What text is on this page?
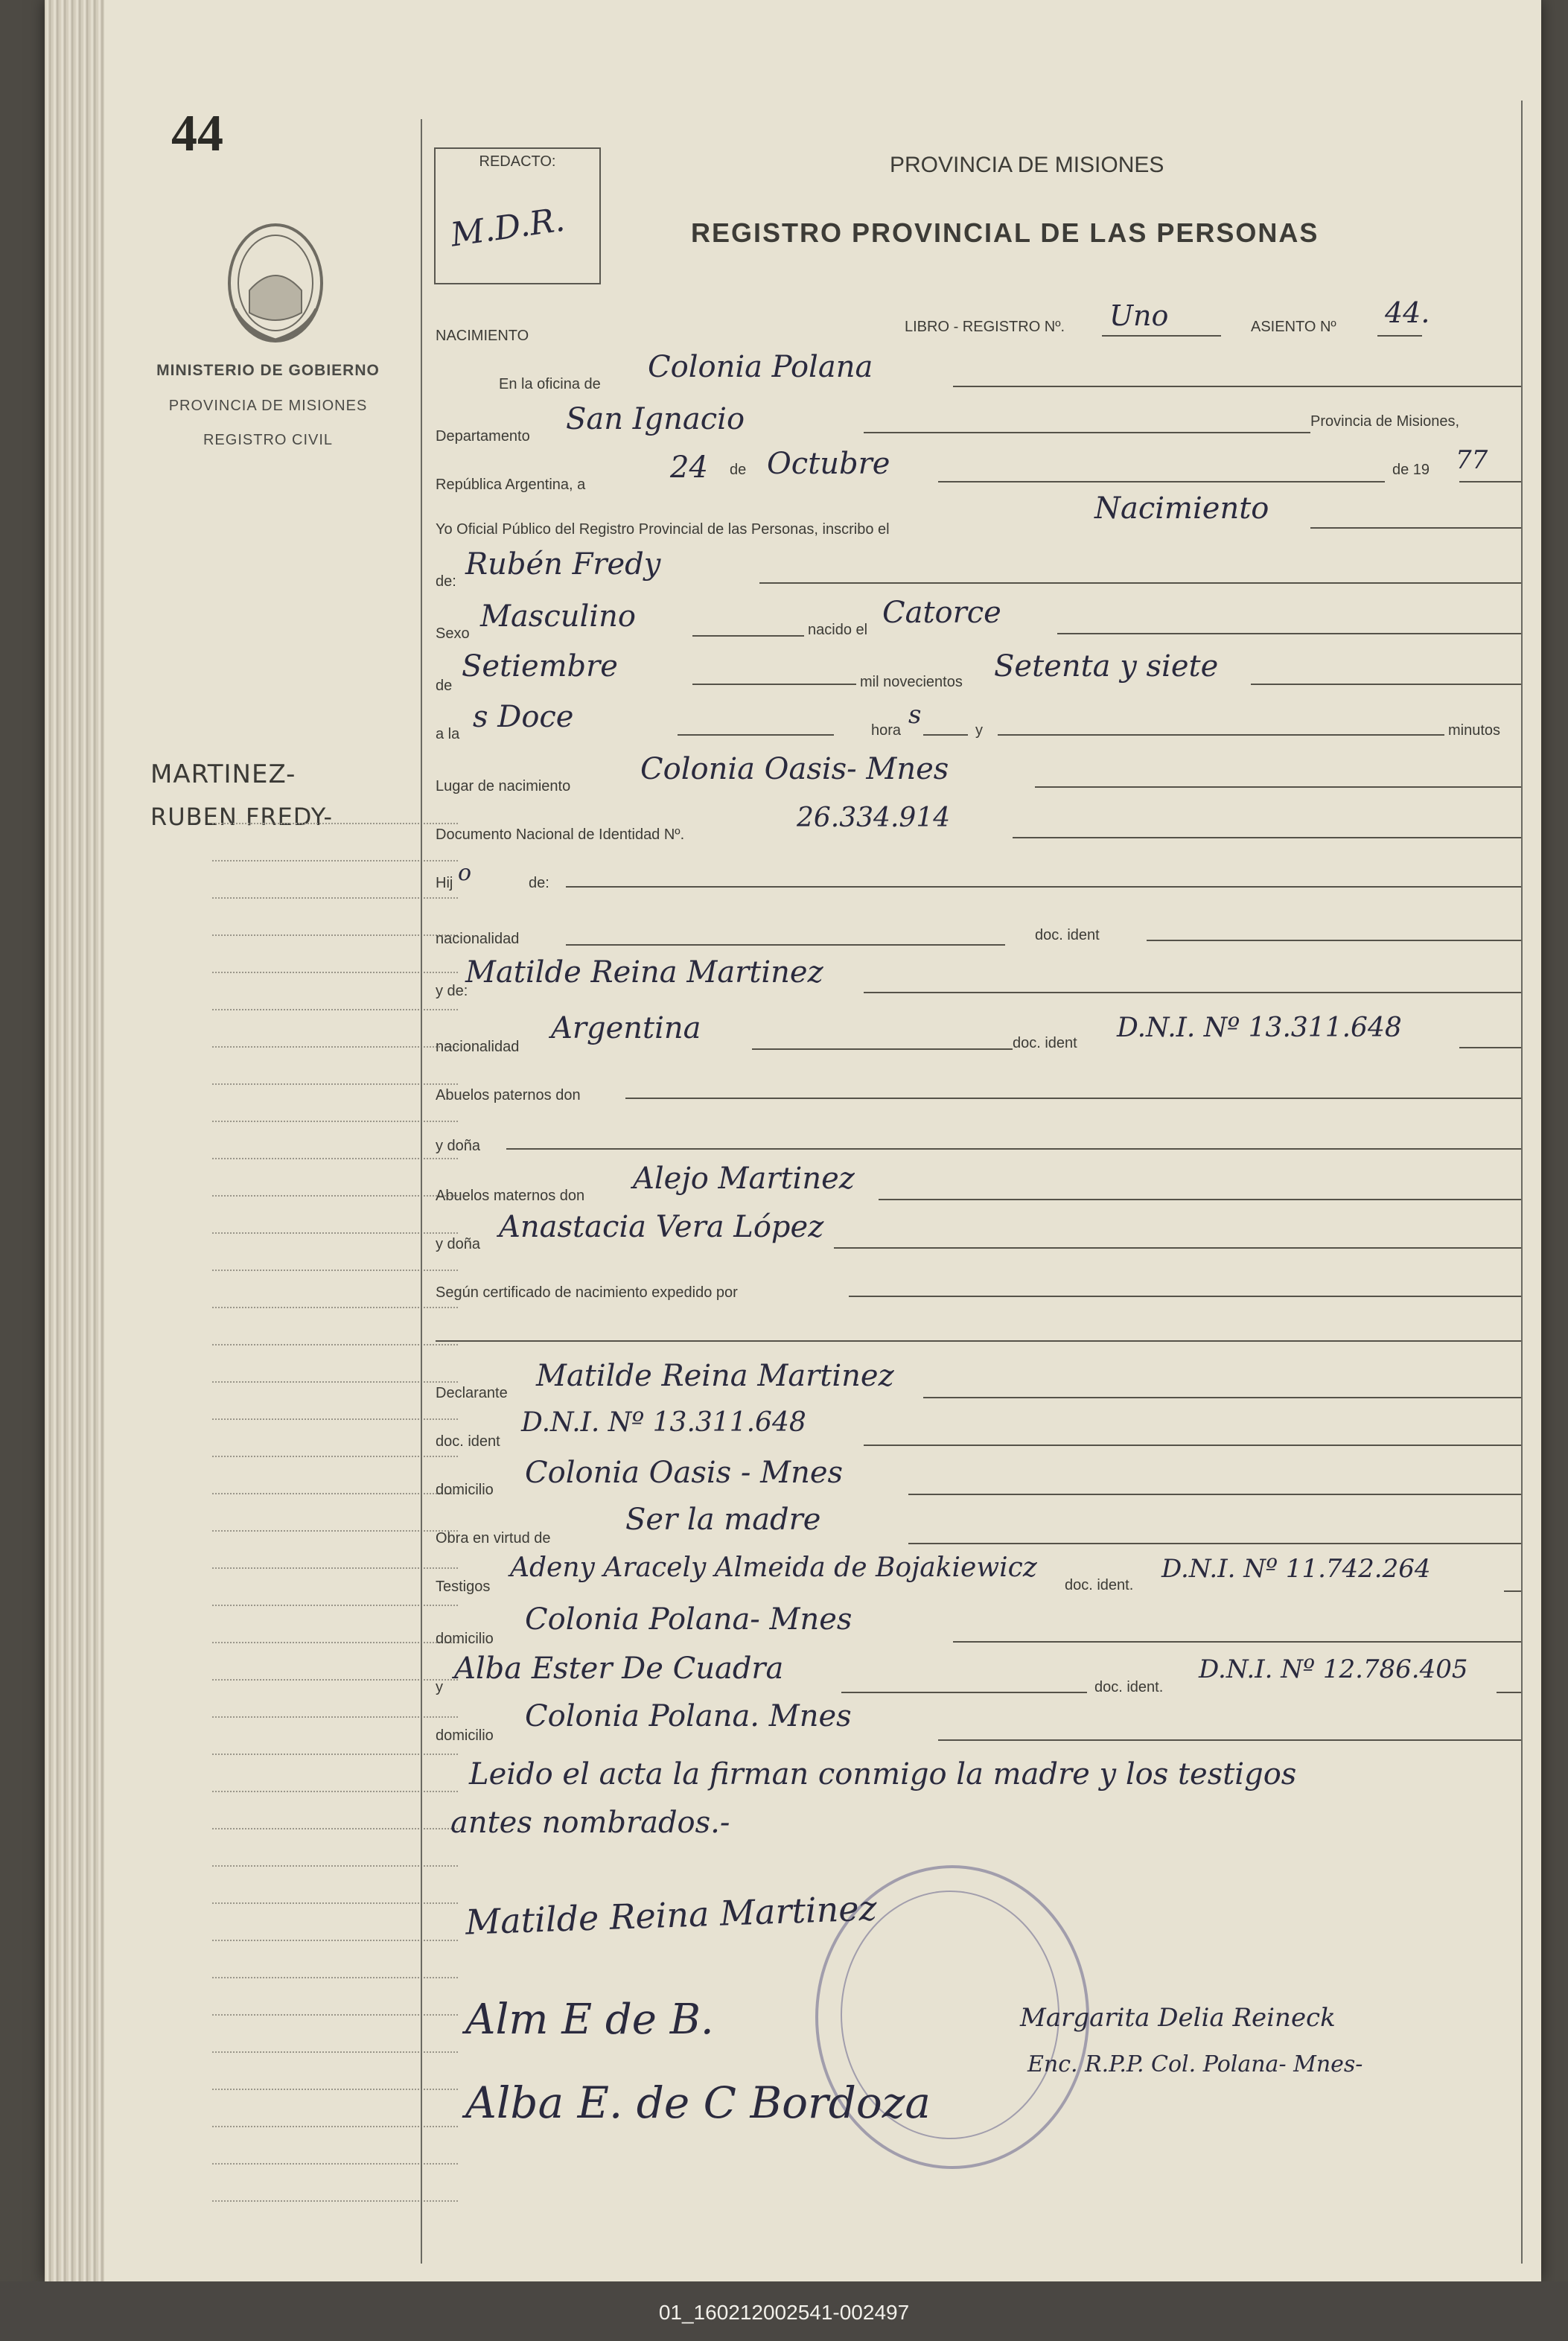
44
MINISTERIO DE GOBIERNO
PROVINCIA DE MISIONES
REGISTRO CIVIL
MARTINEZ-
RUBEN FREDY-
REDACTO:
M.D.R.
PROVINCIA DE MISIONES
REGISTRO PROVINCIAL DE LAS PERSONAS
NACIMIENTO
LIBRO - REGISTRO Nº. Uno	ASIENTO Nº 44.
En la oficina de Colonia Polana
Departamento San Ignacio	Provincia de Misiones,
República Argentina, a	24 de Octubre	de 19 77
Yo Oficial Público del Registro Provincial de las Personas, inscribo el
Nacimiento
de: Rubén Fredy
Sexo Masculino	nacido el Catorce
de
Setiembre	mil novecientos Setenta y siete
a la s Doce	hora
s
y	minutos
Lugar de nacimiento Colonia Oasis- Mnes
Documento Nacional de Identidad Nº.
26.334.914
Hij o	de:
nacionalidad	doc. ident
y de:
Matilde Reina Martinez
nacionalidad
Argentina	doc. ident D.N.I. Nº 13.311.648
Abuelos paternos don
y doña
Abuelos maternos don Alejo Martinez
y doña Anastacia Vera López
Según certificado de nacimiento expedido por
Declarante Matilde Reina Martinez
doc. ident
D.N.I. Nº 13.311.648
domicilio Colonia Oasis - Mnes
Obra en virtud de
Ser la madre
Testigos
Adeny Aracely Almeida de Bojakiewicz
doc. ident.
D.N.I. Nº 11.742.264
domicilio
Colonia Polana- Mnes
y
Alba Ester De Cuadra
doc. ident.
D.N.I. Nº 12.786.405
domicilio
Colonia Polana. Mnes
Leido el acta la firman conmigo la madre y los testigos
antes nombrados.-
Matilde Reina Martinez
Alm E de B.
Alba E. de C Bordoza
Margarita Delia Reineck
Enc. R.P.P. Col. Polana- Mnes-
01_160212002541-002497
